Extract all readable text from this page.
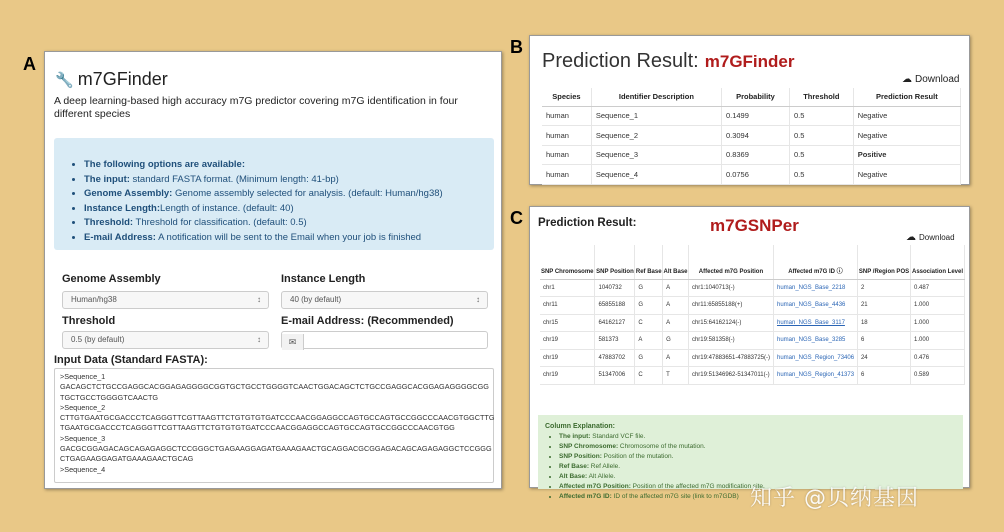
A
B
C
🔧 m7GFinder
A deep learning-based high accuracy m7G predictor covering m7G identification in four different species
• The following options are available:
• The input: standard FASTA format. (Minimum length: 41-bp)
• Genome Assembly: Genome assembly selected for analysis. (default: Human/hg38)
• Instance Length:Length of instance. (default: 40)
• Threshold: Threshold for classification. (default: 0.5)
• E-mail Address: A notification will be sent to the Email when your job is finished
Genome Assembly
Human/hg38	↕
Instance Length
40 (by default)	↕
Threshold
0.5 (by default)	↕
E-mail Address: (Recommended)
✉
Input Data (Standard FASTA):
>Sequence_1
GACAGCTCTGCCGAGGCACGGAGAGGGGCGGTGCTGCCTGGGGTCAACTGGACAGCTCTGCCGAGGCACGGAGAGGGGCGG
TGCTGCCTGGGGTCAACTG
>Sequence_2
CTTGTGAATGCGACCCTCAGGGTTCGTTAAGTTCTGTGTGTGATCCCAACGGAGGCCAGTGCCAGTGCCGGCCCAACGTGGCTTG
TGAATGCGACCCTCAGGGTTCGTTAAGTTCTGTGTGTGATCCCAACGGAGGCCAGTGCCAGTGCCGGCCCAACGTGG
>Sequence_3
GACGCGGAGACAGCAGAGAGGCTCCGGGCTGAGAAGGAGATGAAAGAACTGCAGGACGCGGAGACAGCAGAGAGGCTCCGGG
CTGAGAAGGAGATGAAAGAACTGCAG
>Sequence_4
Prediction Result: m7GFinder
☁ Download
Species	Identifier Description	Probability	Threshold	Prediction Result
human	Sequence_1	0.1499	0.5	Negative
human	Sequence_2	0.3094	0.5	Negative
human	Sequence_3	0.8369	0.5	Positive
human	Sequence_4	0.0756	0.5	Negative
Prediction Result:	m7GSNPer
☁ Download
SNP Chromosome	SNP Position	Ref Base	Alt Base	Affected m7G Position	Affected m7G ID ⓘ	SNP /Region POS	Association Level
chr1	1040732	G	A	chr1:1040713(-)	human_NGS_Base_2218	2	0.487
chr11	65855188	G	A	chr11:65855188(+)	human_NGS_Base_4436	21	1.000
chr15	64162127	C	A	chr15:64162124(-)	human_NGS_Base_3117	18	1.000
chr19	581373	A	G	chr19:581358(-)	human_NGS_Base_3285	6	1.000
chr19	47883702	G	A	chr19:47883651-47883725(-)	human_NGS_Region_73406	24	0.476
chr19	51347006	C	T	chr19:51346962-51347011(-)	human_NGS_Region_41373	6	0.589
Column Explanation:
• The input: Standard VCF file.
• SNP Chromosome: Chromosome of the mutation.
• SNP Position: Position of the mutation.
• Ref Base: Ref Allele.
• Alt Base: Alt Allele.
• Affected m7G Position: Position of the affected m7G modification site.
• Affected m7G ID: ID of the affected m7G site (link to m7GDB) 知乎 @贝纳基因
